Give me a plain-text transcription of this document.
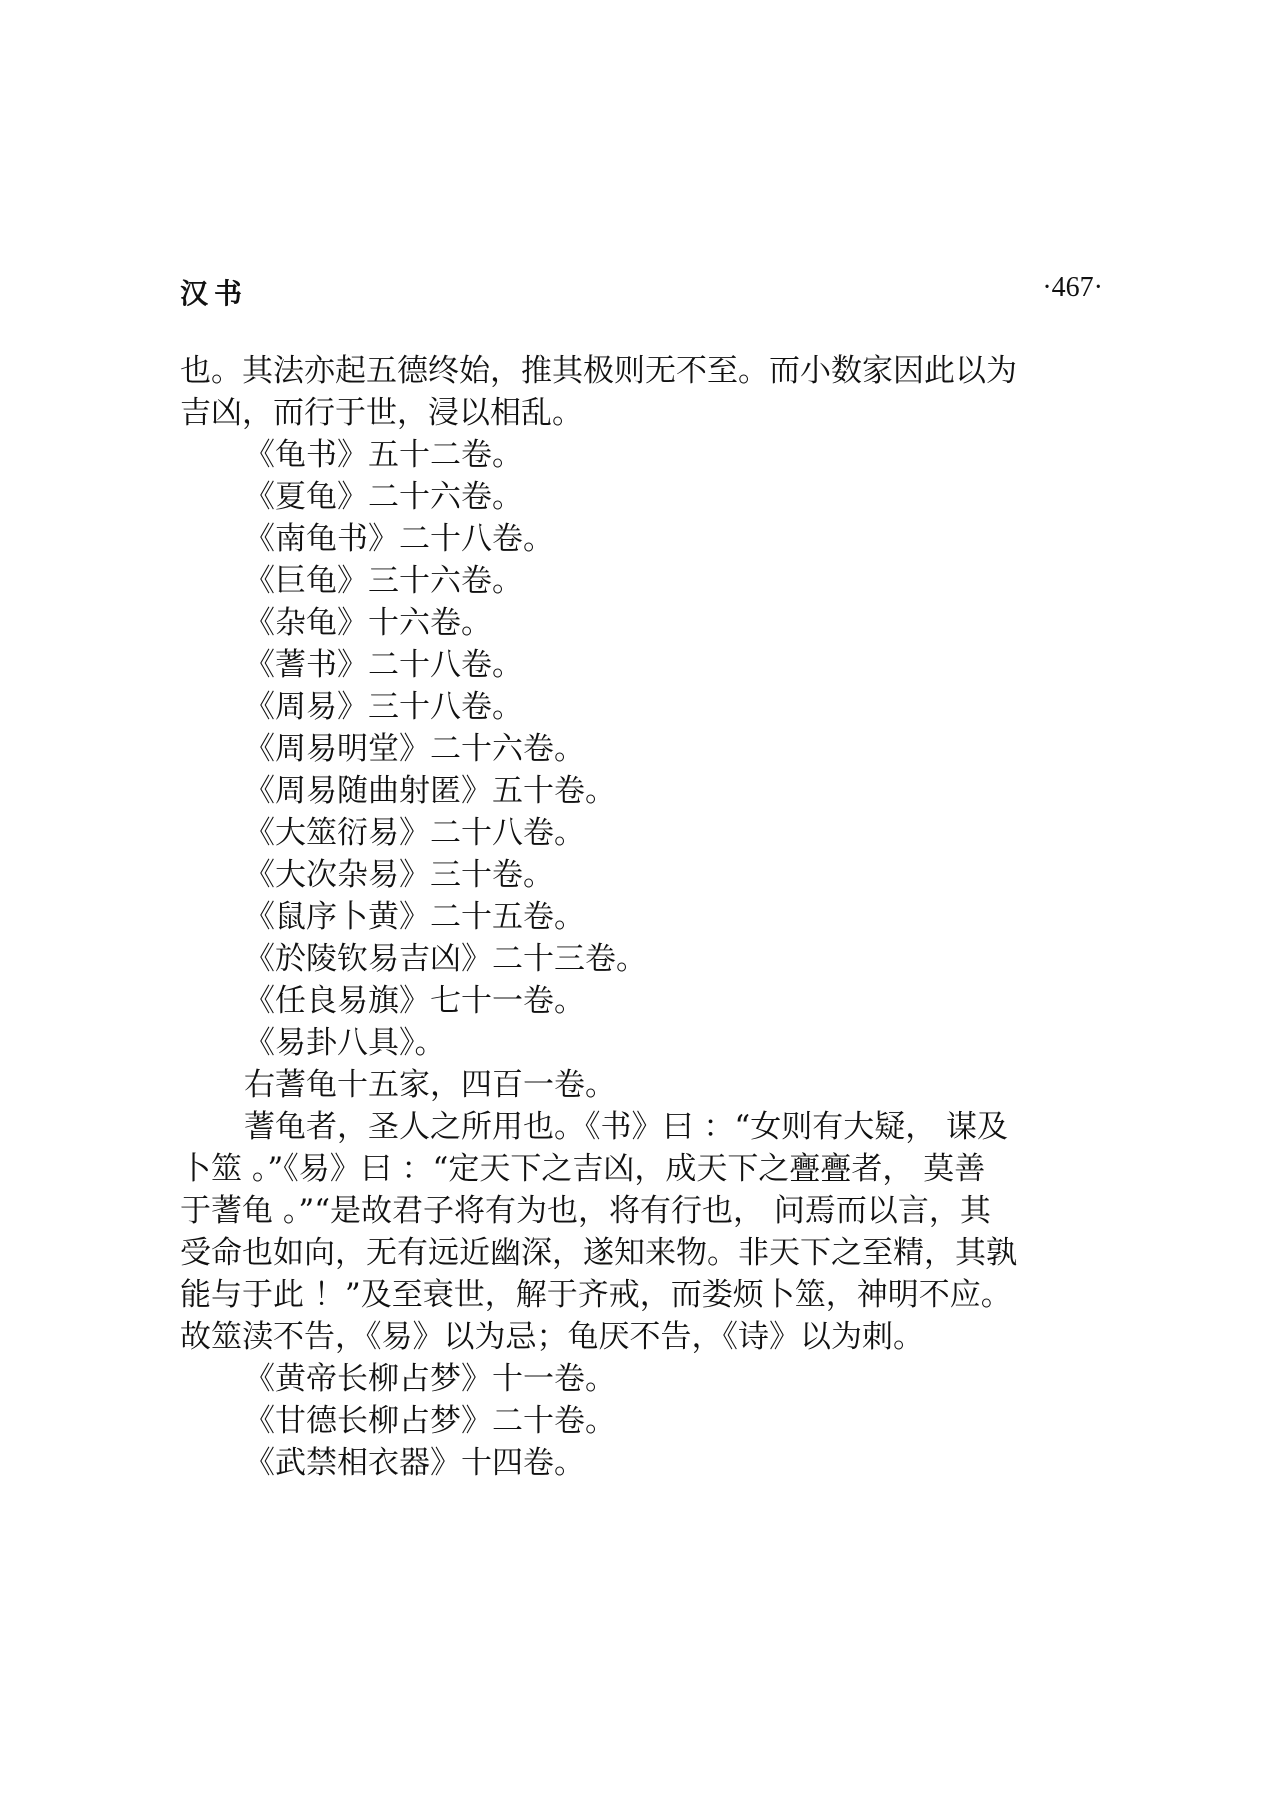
汉书	·467·

也。其法亦起五德终始，推其极则无不至。而小数家因此以为

吉凶，而行于世，浸以相乱。

《龟书》五十二卷。

《夏龟》二十六卷。

《南龟书》二十八卷。

《巨龟》三十六卷。

《杂龟》十六卷。

《蓍书》二十八卷。

《周易》三十八卷。

《周易明堂》二十六卷。

《周易随曲射匿》五十卷。

《大筮衍易》二十八卷。

《大次杂易》三十卷。

《鼠序卜黄》二十五卷。

《於陵钦易吉凶》二十三卷。

《任良易旗》七十一卷。

《易卦八具》。

右蓍龟十五家，四百一卷。

蓍龟者，圣人之所用也。《书》曰 ：“女则有大疑， 谋及

卜筮 。”《易》曰 ：“定天下之吉凶，成天下之亹亹者， 莫善

于蓍龟 。”“是故君子将有为也，将有行也， 问焉而以言，其

受命也如向，无有远近幽深，遂知来物。非天下之至精，其孰

能与于此 ！”及至衰世，解于齐戒，而娄烦卜筮，神明不应。

故筮渎不告，《易》以为忌；龟厌不告，《诗》以为刺。

《黄帝长柳占梦》十一卷。

《甘德长柳占梦》二十卷。

《武禁相衣器》十四卷。
